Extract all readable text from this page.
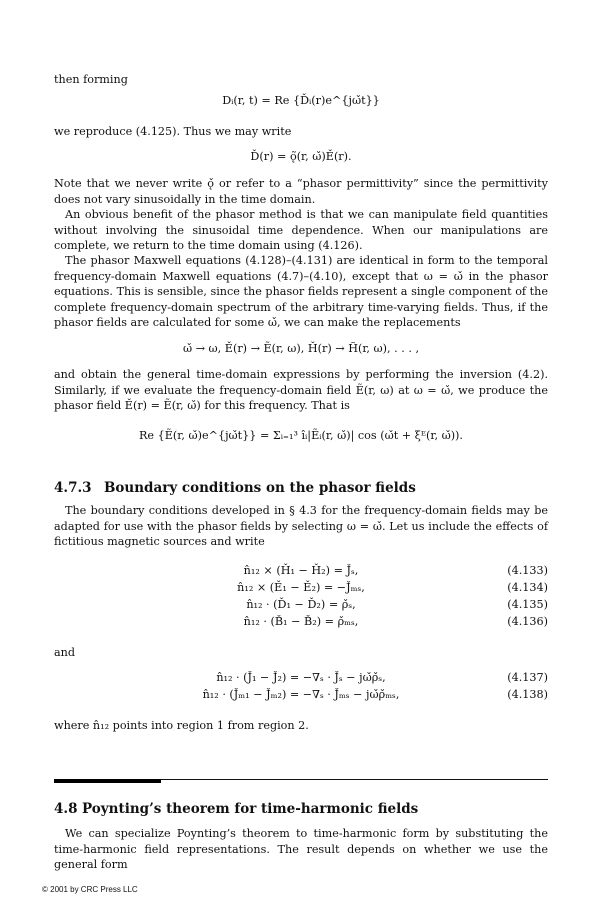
then forming

Dᵢ(r, t) = Re {Ďᵢ(r)e^{jω̌t}}

we reproduce (4.125). Thus we may write

Ď(r) = ǫ̃(r, ω̌)Ě(r).

Note that we never write ǫ̌ or refer to a “phasor permittivity” since the permittivity does not vary sinusoidally in the time domain.

An obvious benefit of the phasor method is that we can manipulate field quantities without involving the sinusoidal time dependence. When our manipulations are complete, we return to the time domain using (4.126).

The phasor Maxwell equations (4.128)–(4.131) are identical in form to the temporal frequency-domain Maxwell equations (4.7)–(4.10), except that ω = ω̌ in the phasor equations. This is sensible, since the phasor fields represent a single component of the complete frequency-domain spectrum of the arbitrary time-varying fields. Thus, if the phasor fields are calculated for some ω̌, we can make the replacements

ω̌ → ω, Ě(r) → Ẽ(r, ω), Ȟ(r) → H̃(r, ω), . . . ,

and obtain the general time-domain expressions by performing the inversion (4.2). Similarly, if we evaluate the frequency-domain field Ẽ(r, ω) at ω = ω̌, we produce the phasor field Ě(r) = Ẽ(r, ω̌) for this frequency. That is

Re {Ẽ(r, ω̌)e^{jω̌t}} = Σᵢ₌₁³ îᵢ|Ẽᵢ(r, ω̌)| cos (ω̌t + ξᴱ(r, ω̌)).
4.7.3 Boundary conditions on the phasor fields

The boundary conditions developed in § 4.3 for the frequency-domain fields may be adapted for use with the phasor fields by selecting ω = ω̌. Let us include the effects of fictitious magnetic sources and write

n̂₁₂ × (Ȟ₁ − Ȟ₂) = J̌ₛ,	(4.133)
n̂₁₂ × (Ě₁ − Ě₂) = −J̌ₘₛ,	(4.134)
n̂₁₂ · (Ď₁ − Ď₂) = ρ̌ₛ,	(4.135)
n̂₁₂ · (B̌₁ − B̌₂) = ρ̌ₘₛ,	(4.136)

and

n̂₁₂ · (J̌₁ − J̌₂) = −∇ₛ · J̌ₛ − jω̌ρ̌ₛ,	(4.137)
n̂₁₂ · (J̌ₘ₁ − J̌ₘ₂) = −∇ₛ · J̌ₘₛ − jω̌ρ̌ₘₛ,	(4.138)

where n̂₁₂ points into region 1 from region 2.

4.8 Poynting’s theorem for time-harmonic fields

We can specialize Poynting’s theorem to time-harmonic form by substituting the time-harmonic field representations. The result depends on whether we use the general form

© 2001 by CRC Press LLC
